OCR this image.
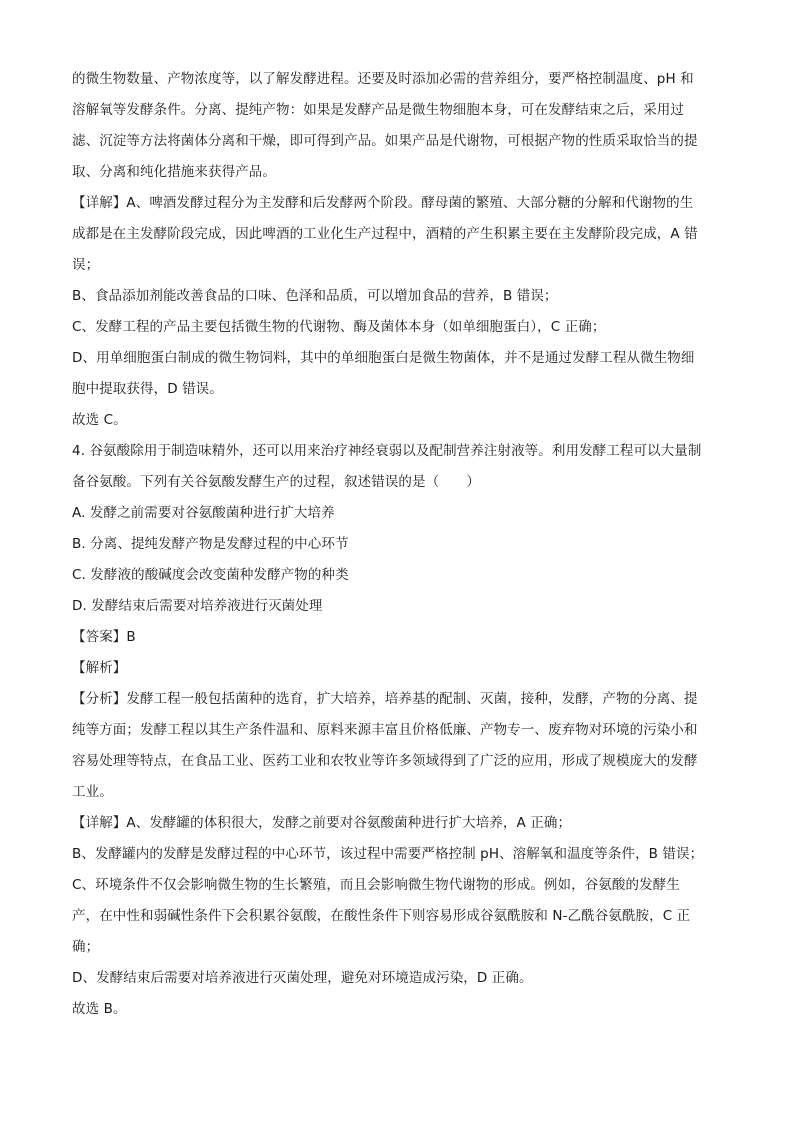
的微生物数量、产物浓度等，以了解发酵进程。还要及时添加必需的营养组分，要严格控制温度、pH 和
溶解氧等发酵条件。分离、提纯产物：如果是发酵产品是微生物细胞本身，可在发酵结束之后，采用过
滤、沉淀等方法将菌体分离和干燥，即可得到产品。如果产品是代谢物，可根据产物的性质采取恰当的提
取、分离和纯化措施来获得产品。
【详解】A、啤酒发酵过程分为主发酵和后发酵两个阶段。酵母菌的繁殖、大部分糖的分解和代谢物的生
成都是在主发酵阶段完成，因此啤酒的工业化生产过程中，酒精的产生积累主要在主发酵阶段完成，A 错
误；
B、食品添加剂能改善食品的口味、色泽和品质，可以增加食品的营养，B 错误；
C、发酵工程的产品主要包括微生物的代谢物、酶及菌体本身（如单细胞蛋白），C 正确；
D、用单细胞蛋白制成的微生物饲料，其中的单细胞蛋白是微生物菌体，并不是通过发酵工程从微生物细
胞中提取获得，D 错误。
故选 C。
4. 谷氨酸除用于制造味精外，还可以用来治疗神经衰弱以及配制营养注射液等。利用发酵工程可以大量制
备谷氨酸。下列有关谷氨酸发酵生产的过程，叙述错误的是（　　）
A. 发酵之前需要对谷氨酸菌种进行扩大培养
B. 分离、提纯发酵产物是发酵过程的中心环节
C. 发酵液的酸碱度会改变菌种发酵产物的种类
D. 发酵结束后需要对培养液进行灭菌处理
【答案】B
【解析】
【分析】发酵工程一般包括菌种的选育，扩大培养，培养基的配制、灭菌，接种，发酵，产物的分离、提
纯等方面；发酵工程以其生产条件温和、原料来源丰富且价格低廉、产物专一、废弃物对环境的污染小和
容易处理等特点，在食品工业、医药工业和农牧业等许多领域得到了广泛的应用，形成了规模庞大的发酵
工业。
【详解】A、发酵罐的体积很大，发酵之前要对谷氨酸菌种进行扩大培养，A 正确；
B、发酵罐内的发酵是发酵过程的中心环节，该过程中需要严格控制 pH、溶解氧和温度等条件，B 错误；
C、环境条件不仅会影响微生物的生长繁殖，而且会影响微生物代谢物的形成。例如，谷氨酸的发酵生
产，在中性和弱碱性条件下会积累谷氨酸，在酸性条件下则容易形成谷氨酰胺和 N-乙酰谷氨酰胺，C 正
确；
D、发酵结束后需要对培养液进行灭菌处理，避免对环境造成污染，D 正确。
故选 B。
